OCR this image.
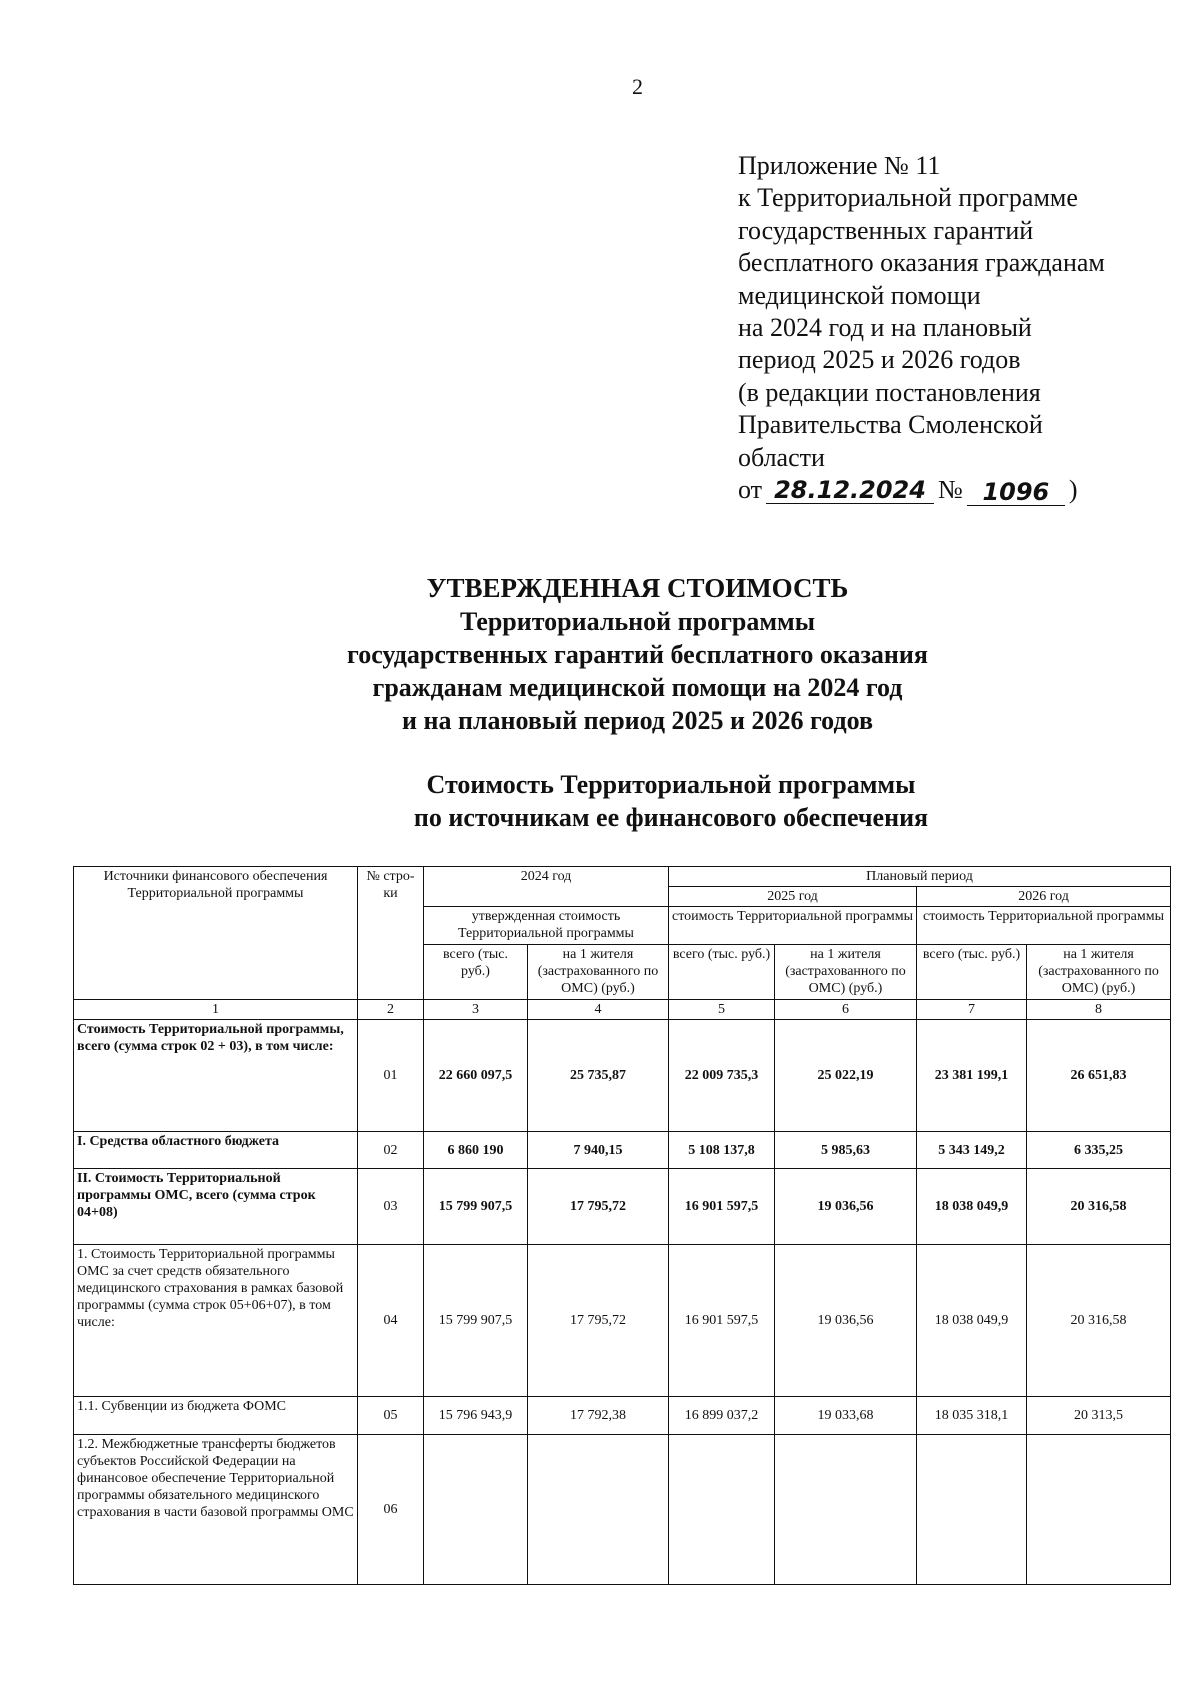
2
Приложение № 11
к Территориальной программе
государственных гарантий
бесплатного оказания гражданам
медицинской помощи
на 2024 год и на плановый
период 2025 и 2026 годов
(в редакции постановления
Правительства Смоленской
области
от 28.12.2024 № 1096 )
УТВЕРЖДЕННАЯ СТОИМОСТЬ
Территориальной программы
государственных гарантий бесплатного оказания
гражданам медицинской помощи на 2024 год
и на плановый период 2025 и 2026 годов
Стоимость Территориальной программы
по источникам ее финансового обеспечения
Источники финансового обеспечения Территориальной программы	№ стро-ки	2024 год		Плановый период			
				2025 год		2026 год	
		утвержденная стоимость Территориальной программы		стоимость Территориальной программы		стоимость Территориальной программы	
		всего (тыс. руб.)	на 1 жителя (застрахованного по ОМС) (руб.)	всего (тыс. руб.)	на 1 жителя (застрахованного по ОМС) (руб.)	всего (тыс. руб.)	на 1 жителя (застрахованного по ОМС) (руб.)
1	2	3	4	5	6	7	8
Стоимость Территориальной программы, всего (сумма строк 02 + 03), в том числе:	01	22 660 097,5	25 735,87	22 009 735,3	25 022,19	23 381 199,1	26 651,83
I. Средства областного бюджета	02	6 860 190	7 940,15	5 108 137,8	5 985,63	5 343 149,2	6 335,25
II. Стоимость Территориальной программы ОМС, всего (сумма строк 04+08)	03	15 799 907,5	17 795,72	16 901 597,5	19 036,56	18 038 049,9	20 316,58
1. Стоимость Территориальной программы ОМС за счет средств обязательного медицинского страхования в рамках базовой программы (сумма строк 05+06+07), в том числе:	04	15 799 907,5	17 795,72	16 901 597,5	19 036,56	18 038 049,9	20 316,58
1.1. Субвенции из бюджета ФОМС	05	15 796 943,9	17 792,38	16 899 037,2	19 033,68	18 035 318,1	20 313,5
1.2. Межбюджетные трансферты бюджетов субъектов Российской Федерации на финансовое обеспечение Территориальной программы обязательного медицинского страхования в части базовой программы ОМС	06						
